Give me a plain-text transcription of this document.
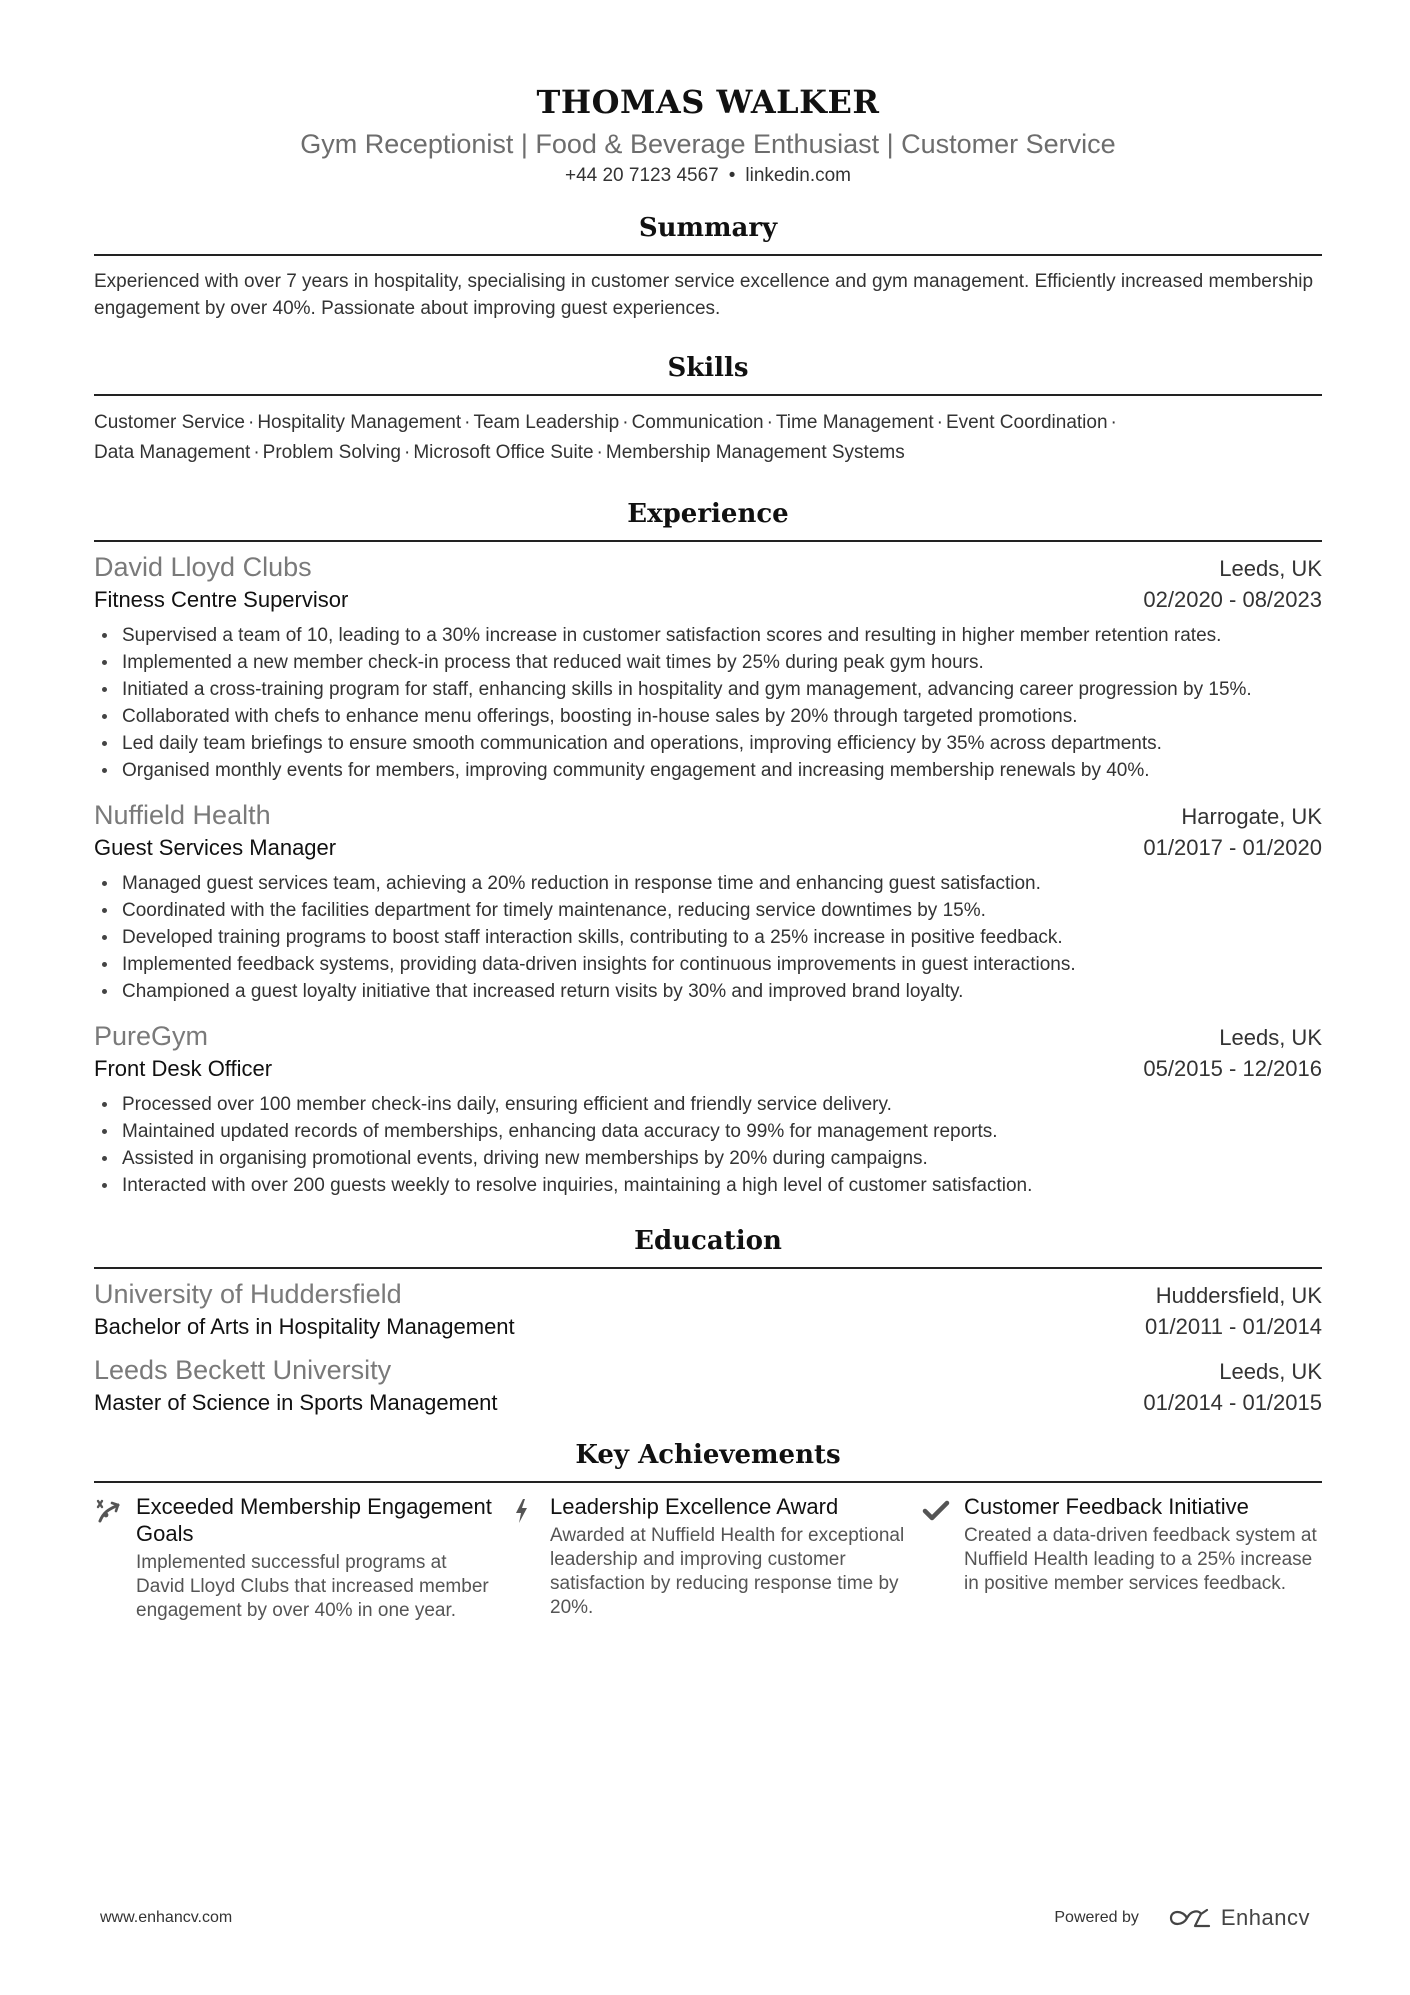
THOMAS WALKER
Gym Receptionist | Food & Beverage Enthusiast | Customer Service
+44 20 7123 4567 • linkedin.com
Summary
Experienced with over 7 years in hospitality, specialising in customer service excellence and gym management. Efficiently increased membership engagement by over 40%. Passionate about improving guest experiences.
Skills
Customer Service · Hospitality Management · Team Leadership · Communication · Time Management · Event Coordination ·
Data Management · Problem Solving · Microsoft Office Suite · Membership Management Systems
Experience
David Lloyd Clubs	Leeds, UK
Fitness Centre Supervisor	02/2020 - 08/2023
Supervised a team of 10, leading to a 30% increase in customer satisfaction scores and resulting in higher member retention rates.
Implemented a new member check-in process that reduced wait times by 25% during peak gym hours.
Initiated a cross-training program for staff, enhancing skills in hospitality and gym management, advancing career progression by 15%.
Collaborated with chefs to enhance menu offerings, boosting in-house sales by 20% through targeted promotions.
Led daily team briefings to ensure smooth communication and operations, improving efficiency by 35% across departments.
Organised monthly events for members, improving community engagement and increasing membership renewals by 40%.
Nuffield Health	Harrogate, UK
Guest Services Manager	01/2017 - 01/2020
Managed guest services team, achieving a 20% reduction in response time and enhancing guest satisfaction.
Coordinated with the facilities department for timely maintenance, reducing service downtimes by 15%.
Developed training programs to boost staff interaction skills, contributing to a 25% increase in positive feedback.
Implemented feedback systems, providing data-driven insights for continuous improvements in guest interactions.
Championed a guest loyalty initiative that increased return visits by 30% and improved brand loyalty.
PureGym	Leeds, UK
Front Desk Officer	05/2015 - 12/2016
Processed over 100 member check-ins daily, ensuring efficient and friendly service delivery.
Maintained updated records of memberships, enhancing data accuracy to 99% for management reports.
Assisted in organising promotional events, driving new memberships by 20% during campaigns.
Interacted with over 200 guests weekly to resolve inquiries, maintaining a high level of customer satisfaction.
Education
University of Huddersfield	Huddersfield, UK
Bachelor of Arts in Hospitality Management	01/2011 - 01/2014
Leeds Beckett University	Leeds, UK
Master of Science in Sports Management	01/2014 - 01/2015
Key Achievements
Exceeded Membership Engagement Goals
Implemented successful programs at David Lloyd Clubs that increased member engagement by over 40% in one year.
Leadership Excellence Award
Awarded at Nuffield Health for exceptional leadership and improving customer satisfaction by reducing response time by 20%.
Customer Feedback Initiative
Created a data-driven feedback system at Nuffield Health leading to a 25% increase in positive member services feedback.
www.enhancv.com	Powered by	Enhancv
